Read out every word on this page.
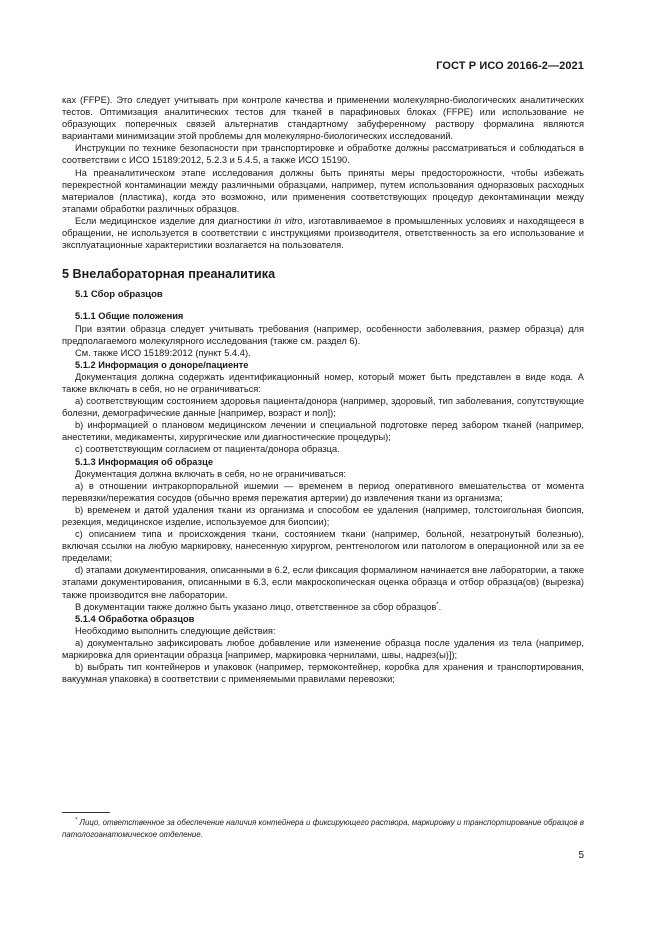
ГОСТ Р ИСО 20166-2—2021

ках (FFPE). Это следует учитывать при контроле качества и применении молекулярно-биологических аналитических тестов. Оптимизация аналитических тестов для тканей в парафиновых блоках (FFPE) или использование не образующих поперечных связей альтернатив стандартному забуференному раствору формалина являются вариантами минимизации этой проблемы для молекулярно-биологических исследований.

Инструкции по технике безопасности при транспортировке и обработке должны рассматриваться и соблюдаться в соответствии с ИСО 15189:2012, 5.2.3 и 5.4.5, а также ИСО 15190.

На преаналитическом этапе исследования должны быть приняты меры предосторожности, чтобы избежать перекрестной контаминации между различными образцами, например, путем использования одноразовых расходных материалов (пластика), когда это возможно, или применения соответствующих процедур деконтаминации между этапами обработки различных образцов.

Если медицинское изделие для диагностики in vitro, изготавливаемое в промышленных условиях и находящееся в обращении, не используется в соответствии с инструкциями производителя, ответственность за его использование и эксплуатационные характеристики возлагается на пользователя.

5 Внелабораторная преаналитика
5.1 Сбор образцов

5.1.1 Общие положения

При взятии образца следует учитывать требования (например, особенности заболевания, размер образца) для предполагаемого молекулярного исследования (также см. раздел 6).

См. также ИСО 15189:2012 (пункт 5.4.4).

5.1.2 Информация о доноре/пациенте

Документация должна содержать идентификационный номер, который может быть представлен в виде кода. А также включать в себя, но не ограничиваться:

a) соответствующим состоянием здоровья пациента/донора (например, здоровый, тип заболевания, сопутствующие болезни, демографические данные [например, возраст и пол]);

b) информацией о плановом медицинском лечении и специальной подготовке перед забором тканей (например, анестетики, медикаменты, хирургические или диагностические процедуры);

c) соответствующим согласием от пациента/донора образца.

5.1.3 Информация об образце

Документация должна включать в себя, но не ограничиваться:

а) в отношении интракорпоральной ишемии — временем в период оперативного вмешательства от момента перевязки/пережатия сосудов (обычно время пережатия артерии) до извлечения ткани из организма;

b) временем и датой удаления ткани из организма и способом ее удаления (например, толстоигольная биопсия, резекция, медицинское изделие, используемое для биопсии);

c) описанием типа и происхождения ткани, состоянием ткани (например, больной, незатронутый болезнью), включая ссылки на любую маркировку, нанесенную хирургом, рентгенологом или патологом в операционной или за ее пределами;

d) этапами документирования, описанными в 6.2, если фиксация формалином начинается вне лаборатории, а также этапами документирования, описанными в 6.3, если макроскопическая оценка образца и отбор образца(ов) (вырезка) также производится вне лаборатории.

В документации также должно быть указано лицо, ответственное за сбор образцов*.

5.1.4 Обработка образцов

Необходимо выполнить следующие действия:

а) документально зафиксировать любое добавление или изменение образца после удаления из тела (например, маркировка для ориентации образца [например, маркировка чернилами, швы, надрез(ы)]);

b) выбрать тип контейнеров и упаковок (например, термоконтейнер, коробка для хранения и транспортирования, вакуумная упаковка) в соответствии с применяемыми правилами перевозки;

* Лицо, ответственное за обеспечение наличия контейнера и фиксирующего раствора, маркировку и транспортирование образцов в патологоанатомическое отделение.
5
